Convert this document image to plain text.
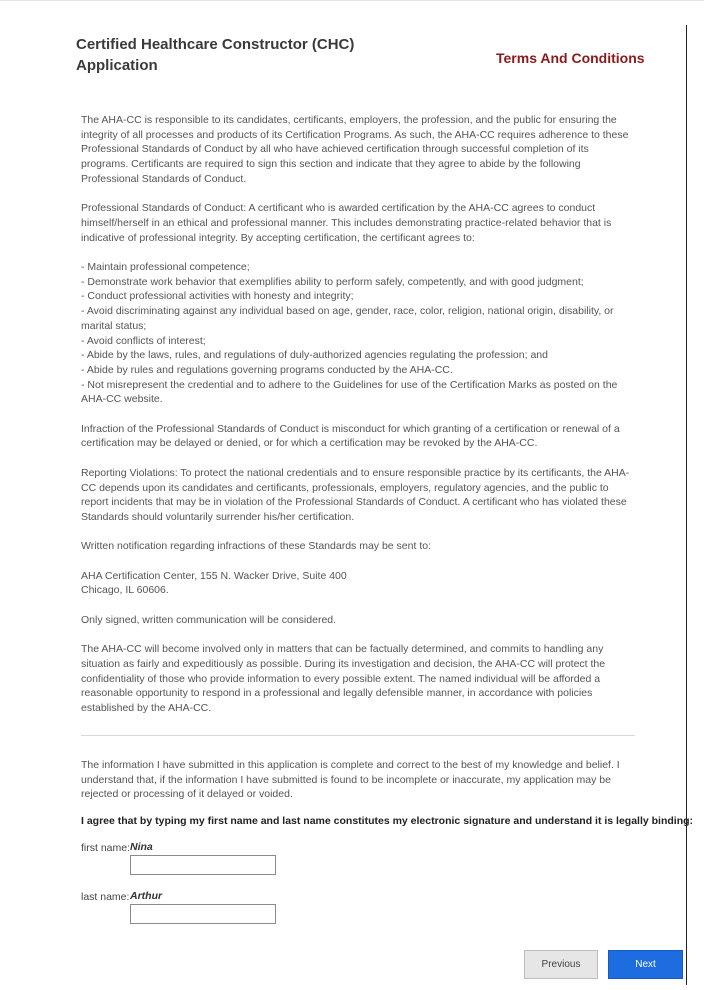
Certified Healthcare Constructor (CHC)
Application	Terms And Conditions

The AHA-CC is responsible to its candidates, certificants, employers, the profession, and the public for ensuring the integrity of all processes and products of its Certification Programs. As such, the AHA-CC requires adherence to these Professional Standards of Conduct by all who have achieved certification through successful completion of its programs. Certificants are required to sign this section and indicate that they agree to abide by the following Professional Standards of Conduct.

Professional Standards of Conduct: A certificant who is awarded certification by the AHA-CC agrees to conduct himself/herself in an ethical and professional manner. This includes demonstrating practice-related behavior that is indicative of professional integrity. By accepting certification, the certificant agrees to:

- Maintain professional competence;
- Demonstrate work behavior that exemplifies ability to perform safely, competently, and with good judgment;
- Conduct professional activities with honesty and integrity;
- Avoid discriminating against any individual based on age, gender, race, color, religion, national origin, disability, or marital status;
- Avoid conflicts of interest;
- Abide by the laws, rules, and regulations of duly-authorized agencies regulating the profession; and
- Abide by rules and regulations governing programs conducted by the AHA-CC.
- Not misrepresent the credential and to adhere to the Guidelines for use of the Certification Marks as posted on the AHA-CC website.

Infraction of the Professional Standards of Conduct is misconduct for which granting of a certification or renewal of a certification may be delayed or denied, or for which a certification may be revoked by the AHA-CC.

Reporting Violations: To protect the national credentials and to ensure responsible practice by its certificants, the AHA-CC depends upon its candidates and certificants, professionals, employers, regulatory agencies, and the public to report incidents that may be in violation of the Professional Standards of Conduct. A certificant who has violated these Standards should voluntarily surrender his/her certification.

Written notification regarding infractions of these Standards may be sent to:

AHA Certification Center, 155 N. Wacker Drive, Suite 400
Chicago, IL 60606.

Only signed, written communication will be considered.

The AHA-CC will become involved only in matters that can be factually determined, and commits to handling any situation as fairly and expeditiously as possible. During its investigation and decision, the AHA-CC will protect the confidentiality of those who provide information to every possible extent. The named individual will be afforded a reasonable opportunity to respond in a professional and legally defensible manner, in accordance with policies established by the AHA-CC.

The information I have submitted in this application is complete and correct to the best of my knowledge and belief. I understand that, if the information I have submitted is found to be incomplete or inaccurate, my application may be rejected or processing of it delayed or voided.
I agree that by typing my first name and last name constitutes my electronic signature and understand it is legally binding:
first name: Nina
last name: Arthur
Previous	Next
